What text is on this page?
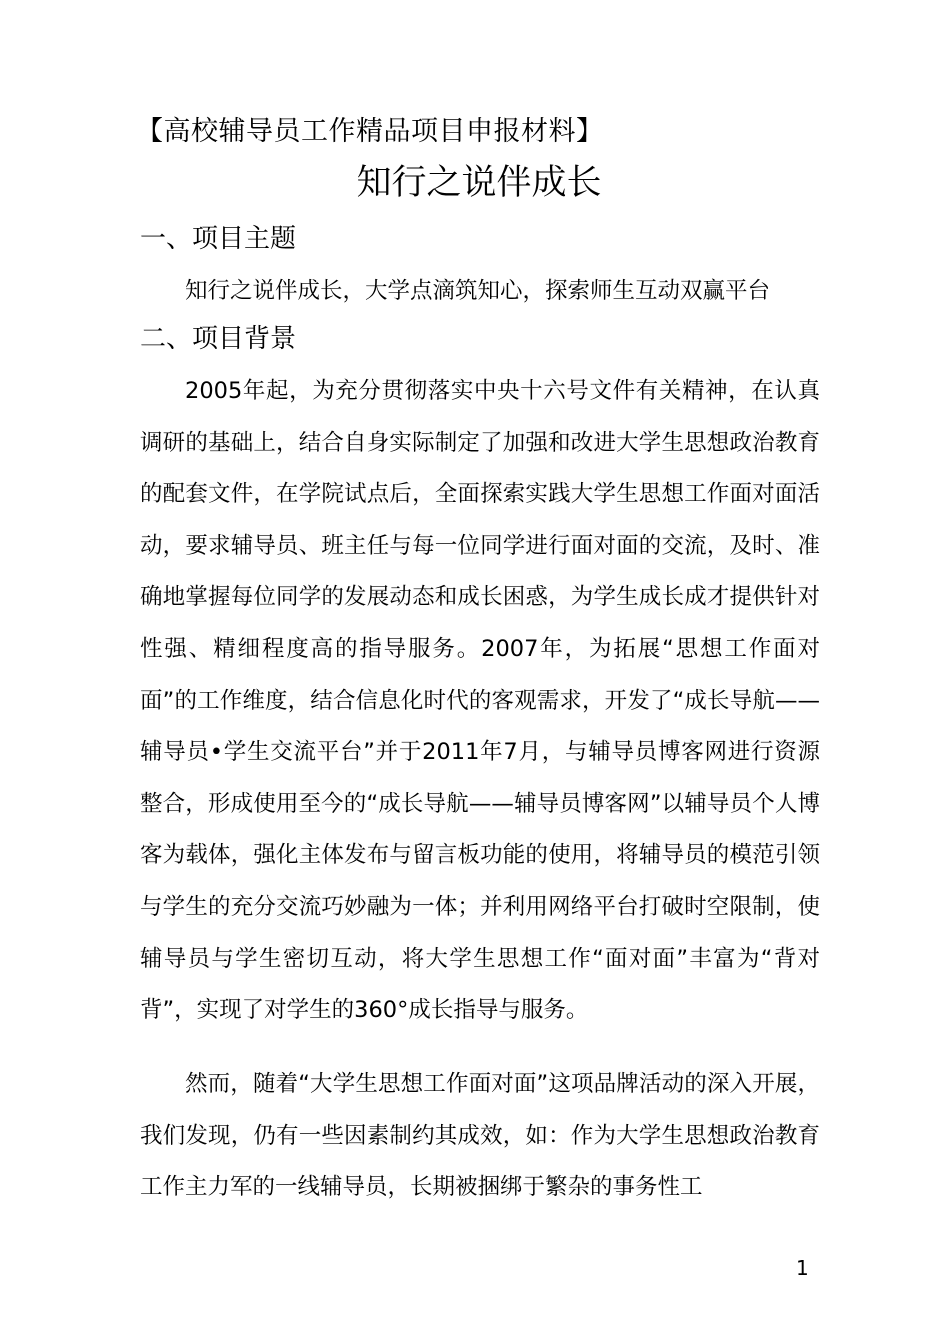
【高校辅导员工作精品项目申报材料】
知行之说伴成长
一、项目主题

知行之说伴成长，大学点滴筑知心，探索师生互动双赢平台

二、项目背景

2005年起，为充分贯彻落实中央十六号文件有关精神，在认真调研的基础上，结合自身实际制定了加强和改进大学生思想政治教育的配套文件，在学院试点后，全面探索实践大学生思想工作面对面活动，要求辅导员、班主任与每一位同学进行面对面的交流，及时、准确地掌握每位同学的发展动态和成长困惑，为学生成长成才提供针对性强、精细程度高的指导服务。2007年，为拓展“思想工作面对面”的工作维度，结合信息化时代的客观需求，开发了“成长导航——辅导员•学生交流平台”并于2011年7月，与辅导员博客网进行资源整合，形成使用至今的“成长导航——辅导员博客网”以辅导员个人博客为载体，强化主体发布与留言板功能的使用，将辅导员的模范引领与学生的充分交流巧妙融为一体；并利用网络平台打破时空限制，使辅导员与学生密切互动，将大学生思想工作“面对面”丰富为“背对背”，实现了对学生的360°成长指导与服务。

然而，随着“大学生思想工作面对面”这项品牌活动的深入开展，我们发现，仍有一些因素制约其成效，如：作为大学生思想政治教育工作主力军的一线辅导员，长期被捆绑于繁杂的事务性工

1
